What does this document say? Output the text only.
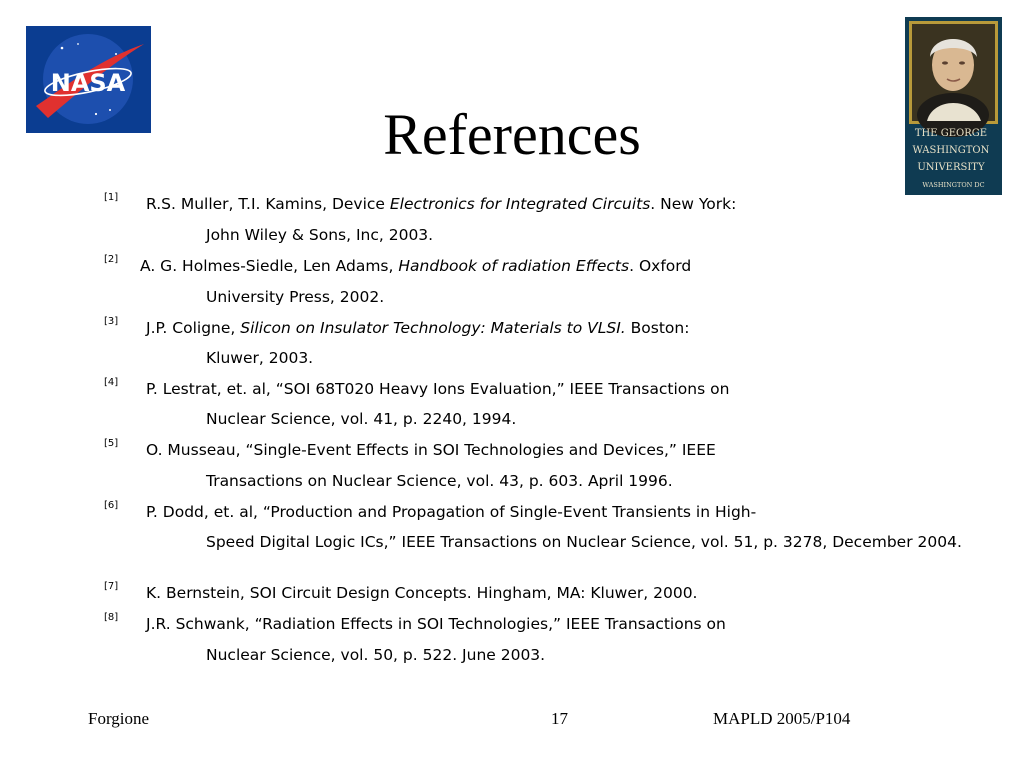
NASA
THE GEORGE WASHINGTON UNIVERSITY WASHINGTON DC
References
[1] R.S. Muller, T.I. Kamins, Device Electronics for Integrated Circuits. New York:
John Wiley & Sons, Inc, 2003.
[2] A. G. Holmes-Siedle, Len Adams, Handbook of radiation Effects. Oxford
University Press, 2002.
[3] J.P. Coligne, Silicon on Insulator Technology: Materials to VLSI. Boston:
Kluwer, 2003.
[4] P. Lestrat, et. al, “SOI 68T020 Heavy Ions Evaluation,” IEEE Transactions on
Nuclear Science, vol. 41, p. 2240, 1994.
[5] O. Musseau, “Single-Event Effects in SOI Technologies and Devices,” IEEE
Transactions on Nuclear Science, vol. 43, p. 603. April 1996.
[6] P. Dodd, et. al, “Production and Propagation of Single-Event Transients in High-
Speed Digital Logic ICs,” IEEE Transactions on Nuclear Science, vol. 51, p. 3278, December 2004.
[7] K. Bernstein, SOI Circuit Design Concepts. Hingham, MA: Kluwer, 2000.
[8] J.R. Schwank, “Radiation Effects in SOI Technologies,” IEEE Transactions on
Nuclear Science, vol. 50, p. 522. June 2003.
Forgione	17	MAPLD 2005/P104
